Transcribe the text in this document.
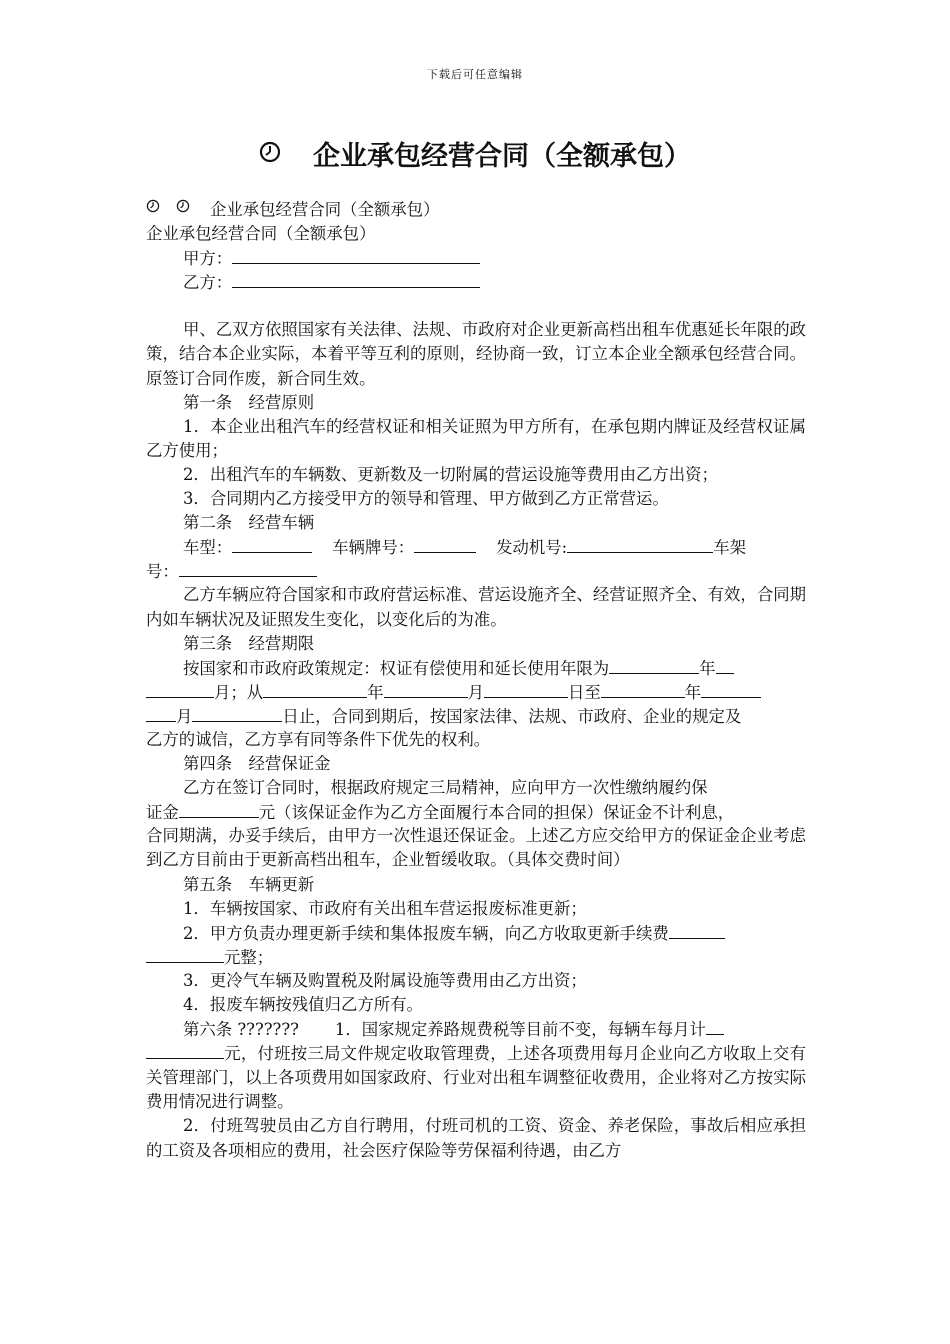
下载后可任意编辑
企业承包经营合同（全额承包）
企业承包经营合同（全额承包）
企业承包经营合同（全额承包）
甲方：
乙方：
甲、乙双方依照国家有关法律、法规、市政府对企业更新高档出租车优惠延长年限的政策，结合本企业实际，本着平等互利的原则，经协商一致，订立本企业全额承包经营合同。原签订合同作废，新合同生效。
第一条　经营原则
1．本企业出租汽车的经营权证和相关证照为甲方所有，在承包期内牌证及经营权证属乙方使用；
2．出租汽车的车辆数、更新数及一切附属的营运设施等费用由乙方出资；
3．合同期内乙方接受甲方的领导和管理、甲方做到乙方正常营运。
第二条　经营车辆
车型：	车辆牌号：	发动机号:	车架
号：
乙方车辆应符合国家和市政府营运标准、营运设施齐全、经营证照齐全、有效，合同期内如车辆状况及证照发生变化，以变化后的为准。
第三条　经营期限
按国家和市政府政策规定：权证有偿使用和延长使用年限为	年
月；从	年	月	日至	年
月	日止，合同到期后，按国家法律、法规、市政府、企业的规定及
乙方的诚信，乙方享有同等条件下优先的权利。
第四条　经营保证金
乙方在签订合同时，根据政府规定三局精神，应向甲方一次性缴纳履约保
证金	元（该保证金作为乙方全面履行本合同的担保）保证金不计利息，
合同期满，办妥手续后，由甲方一次性退还保证金。上述乙方应交给甲方的保证金企业考虑到乙方目前由于更新高档出租车，企业暂缓收取。（具体交费时间）
第五条　车辆更新
1．车辆按国家、市政府有关出租车营运报废标准更新；
2．甲方负责办理更新手续和集体报废车辆，向乙方收取更新手续费
元整；
3．更冷气车辆及购置税及附属设施等费用由乙方出资；
4．报废车辆按残值归乙方所有。
第六条 ??????? 1．国家规定养路规费税等目前不变，每辆车每月计
元，付班按三局文件规定收取管理费，上述各项费用每月企业向乙方收取上交有关管理部门，以上各项费用如国家政府、行业对出租车调整征收费用，企业将对乙方按实际费用情况进行调整。
2．付班驾驶员由乙方自行聘用，付班司机的工资、资金、养老保险，事故后相应承担的工资及各项相应的费用，社会医疗保险等劳保福利待遇，由乙方
